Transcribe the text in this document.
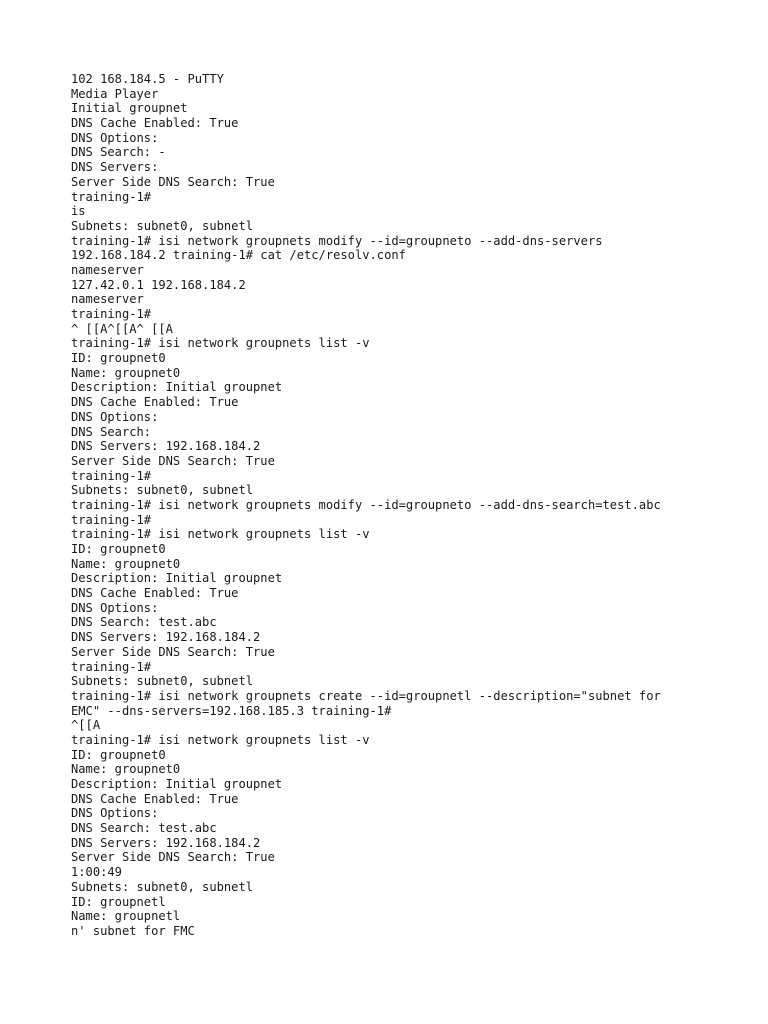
102 168.184.5 - PuTTY
Media Player
Initial groupnet
DNS Cache Enabled: True
DNS Options:
DNS Search: -
DNS Servers:
Server Side DNS Search: True
training-1#
is
Subnets: subnet0, subnetl
training-1# isi network groupnets modify --id=groupneto --add-dns-servers
192.168.184.2 training-1# cat /etc/resolv.conf
nameserver
127.42.0.1 192.168.184.2
nameserver
training-1#
^ [[A^[[A^ [[A
training-1# isi network groupnets list -v
ID: groupnet0
Name: groupnet0
Description: Initial groupnet
DNS Cache Enabled: True
DNS Options:
DNS Search:
DNS Servers: 192.168.184.2
Server Side DNS Search: True
training-1#
Subnets: subnet0, subnetl
training-1# isi network groupnets modify --id=groupneto --add-dns-search=test.abc
training-1#
training-1# isi network groupnets list -v
ID: groupnet0
Name: groupnet0
Description: Initial groupnet
DNS Cache Enabled: True
DNS Options:
DNS Search: test.abc
DNS Servers: 192.168.184.2
Server Side DNS Search: True
training-1#
Subnets: subnet0, subnetl
training-1# isi network groupnets create --id=groupnetl --description="subnet for
EMC" --dns-servers=192.168.185.3 training-1#
^[[A
training-1# isi network groupnets list -v
ID: groupnet0
Name: groupnet0
Description: Initial groupnet
DNS Cache Enabled: True
DNS Options:
DNS Search: test.abc
DNS Servers: 192.168.184.2
Server Side DNS Search: True
1:00:49
Subnets: subnet0, subnetl
ID: groupnetl
Name: groupnetl
n' subnet for FMC
